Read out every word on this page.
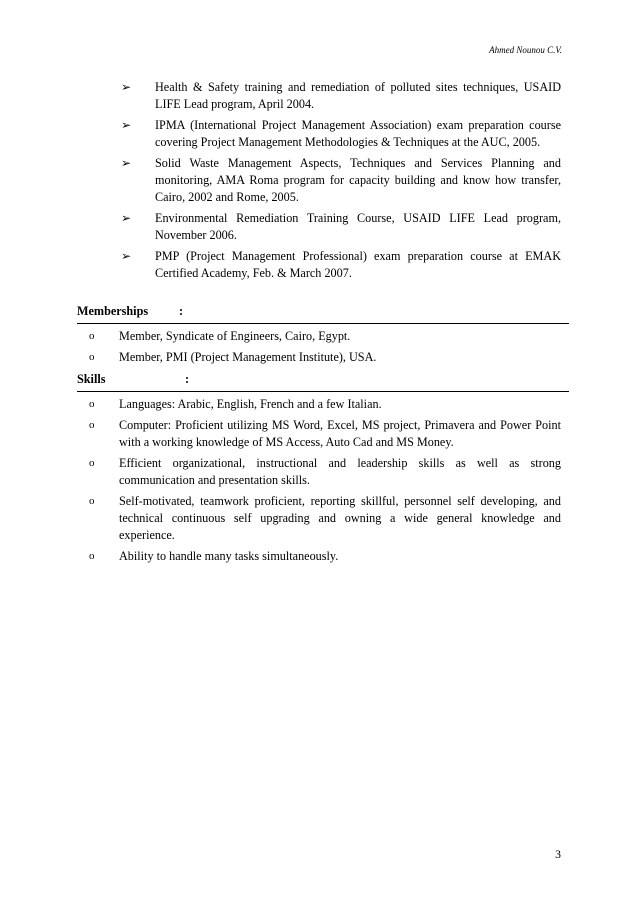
Ahmed Nounou C.V.
➢ Health & Safety training and remediation of polluted sites techniques, USAID LIFE Lead program, April 2004.
➢ IPMA (International Project Management Association) exam preparation course covering Project Management Methodologies & Techniques at the AUC, 2005.
➢ Solid Waste Management Aspects, Techniques and Services Planning and monitoring, AMA Roma program for capacity building and know how transfer, Cairo, 2002 and Rome, 2005.
➢ Environmental Remediation Training Course, USAID LIFE Lead program, November 2006.
➢ PMP (Project Management Professional) exam preparation course at EMAK Certified Academy, Feb. & March 2007.
Memberships	:
o Member, Syndicate of Engineers, Cairo, Egypt.
o Member, PMI (Project Management Institute), USA.
Skills	:
o Languages: Arabic, English, French and a few Italian.
o Computer: Proficient utilizing MS Word, Excel, MS project, Primavera and Power Point with a working knowledge of MS Access, Auto Cad and MS Money.
o Efficient organizational, instructional and leadership skills as well as strong communication and presentation skills.
o Self-motivated, teamwork proficient, reporting skillful, personnel self developing, and technical continuous self upgrading and owning a wide general knowledge and experience.
o Ability to handle many tasks simultaneously.
3
